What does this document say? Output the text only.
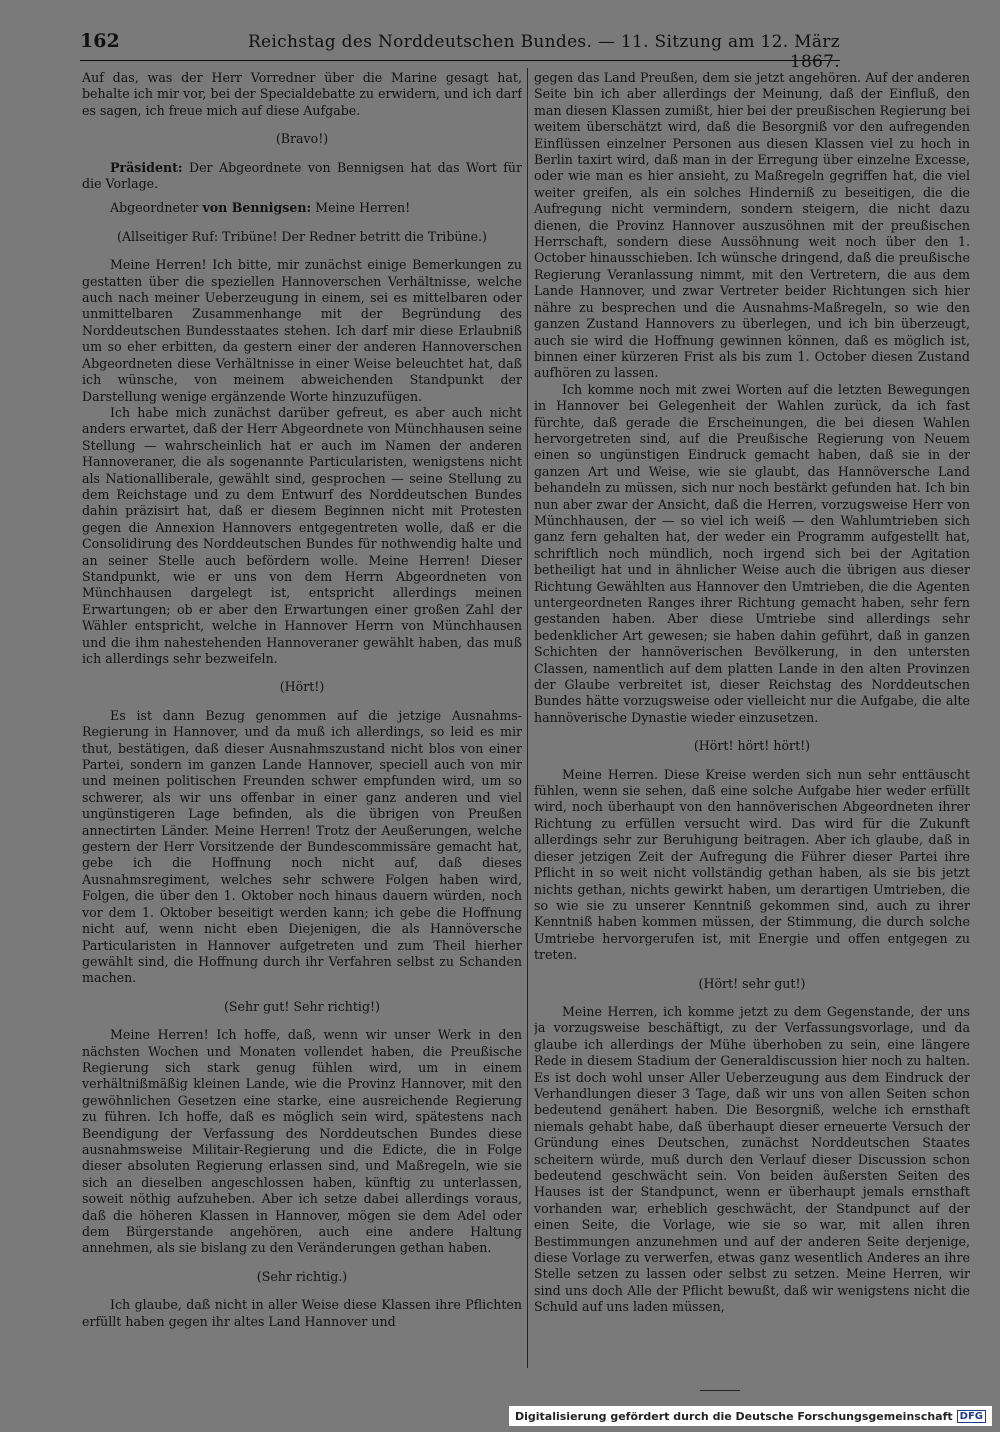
162	Reichstag des Norddeutschen Bundes. — 11. Sitzung am 12. März 1867.

Auf das, was der Herr Vorredner über die Marine gesagt hat, behalte ich mir vor, bei der Specialdebatte zu erwidern, und ich darf es sagen, ich freue mich auf diese Aufgabe.

(Bravo!)

Präsident: Der Abgeordnete von Bennigsen hat das Wort für die Vorlage.

Abgeordneter von Bennigsen: Meine Herren!

(Allseitiger Ruf: Tribüne! Der Redner betritt die Tribüne.)

Meine Herren! Ich bitte, mir zunächst einige Bemerkungen zu gestatten über die speziellen Hannoverschen Verhältnisse, welche auch nach meiner Ueberzeugung in einem, sei es mittelbaren oder unmittelbaren Zusammenhange mit der Begründung des Norddeutschen Bundesstaates stehen. Ich darf mir diese Erlaubniß um so eher erbitten, da gestern einer der anderen Hannoverschen Abgeordneten diese Verhältnisse in einer Weise beleuchtet hat, daß ich wünsche, von meinem abweichenden Standpunkt der Darstellung wenige ergänzende Worte hinzuzufügen.

Ich habe mich zunächst darüber gefreut, es aber auch nicht anders erwartet, daß der Herr Abgeordnete von Münchhausen seine Stellung — wahrscheinlich hat er auch im Namen der anderen Hannoveraner, die als sogenannte Particularisten, wenigstens nicht als Nationalliberale, gewählt sind, gesprochen — seine Stellung zu dem Reichstage und zu dem Entwurf des Norddeutschen Bundes dahin präzisirt hat, daß er diesem Beginnen nicht mit Protesten gegen die Annexion Hannovers entgegentreten wolle, daß er die Consolidirung des Norddeutschen Bundes für nothwendig halte und an seiner Stelle auch befördern wolle. Meine Herren! Dieser Standpunkt, wie er uns von dem Herrn Abgeordneten von Münchhausen dargelegt ist, entspricht allerdings meinen Erwartungen; ob er aber den Erwartungen einer großen Zahl der Wähler entspricht, welche in Hannover Herrn von Münchhausen und die ihm nahestehenden Hannoveraner gewählt haben, das muß ich allerdings sehr bezweifeln.

(Hört!)

Es ist dann Bezug genommen auf die jetzige Ausnahms-Regierung in Hannover, und da muß ich allerdings, so leid es mir thut, bestätigen, daß dieser Ausnahmszustand nicht blos von einer Partei, sondern im ganzen Lande Hannover, speciell auch von mir und meinen politischen Freunden schwer empfunden wird, um so schwerer, als wir uns offenbar in einer ganz anderen und viel ungünstigeren Lage befinden, als die übrigen von Preußen annectirten Länder. Meine Herren! Trotz der Aeußerungen, welche gestern der Herr Vorsitzende der Bundescommissäre gemacht hat, gebe ich die Hoffnung noch nicht auf, daß dieses Ausnahmsregiment, welches sehr schwere Folgen haben wird, Folgen, die über den 1. Oktober noch hinaus dauern würden, noch vor dem 1. Oktober beseitigt werden kann; ich gebe die Hoffnung nicht auf, wenn nicht eben Diejenigen, die als Hannöversche Particularisten in Hannover aufgetreten und zum Theil hierher gewählt sind, die Hoffnung durch ihr Verfahren selbst zu Schanden machen.

(Sehr gut! Sehr richtig!)

Meine Herren! Ich hoffe, daß, wenn wir unser Werk in den nächsten Wochen und Monaten vollendet haben, die Preußische Regierung sich stark genug fühlen wird, um in einem verhältnißmäßig kleinen Lande, wie die Provinz Hannover, mit den gewöhnlichen Gesetzen eine starke, eine ausreichende Regierung zu führen. Ich hoffe, daß es möglich sein wird, spätestens nach Beendigung der Verfassung des Norddeutschen Bundes diese ausnahmsweise Militair-Regierung und die Edicte, die in Folge dieser absoluten Regierung erlassen sind, und Maßregeln, wie sie sich an dieselben angeschlossen haben, künftig zu unterlassen, soweit nöthig aufzuheben. Aber ich setze dabei allerdings voraus, daß die höheren Klassen in Hannover, mögen sie dem Adel oder dem Bürgerstande angehören, auch eine andere Haltung annehmen, als sie bislang zu den Veränderungen gethan haben.

(Sehr richtig.)

Ich glaube, daß nicht in aller Weise diese Klassen ihre Pflichten erfüllt haben gegen ihr altes Land Hannover und

gegen das Land Preußen, dem sie jetzt angehören. Auf der anderen Seite bin ich aber allerdings der Meinung, daß der Einfluß, den man diesen Klassen zumißt, hier bei der preußischen Regierung bei weitem überschätzt wird, daß die Besorgniß vor den aufregenden Einflüssen einzelner Personen aus diesen Klassen viel zu hoch in Berlin taxirt wird, daß man in der Erregung über einzelne Excesse, oder wie man es hier ansieht, zu Maßregeln gegriffen hat, die viel weiter greifen, als ein solches Hinderniß zu beseitigen, die die Aufregung nicht vermindern, sondern steigern, die nicht dazu dienen, die Provinz Hannover auszusöhnen mit der preußischen Herrschaft, sondern diese Aussöhnung weit noch über den 1. October hinausschieben. Ich wünsche dringend, daß die preußische Regierung Veranlassung nimmt, mit den Vertretern, die aus dem Lande Hannover, und zwar Vertreter beider Richtungen sich hier nähre zu besprechen und die Ausnahms-Maßregeln, so wie den ganzen Zustand Hannovers zu überlegen, und ich bin überzeugt, auch sie wird die Hoffnung gewinnen können, daß es möglich ist, binnen einer kürzeren Frist als bis zum 1. October diesen Zustand aufhören zu lassen.

Ich komme noch mit zwei Worten auf die letzten Bewegungen in Hannover bei Gelegenheit der Wahlen zurück, da ich fast fürchte, daß gerade die Erscheinungen, die bei diesen Wahlen hervorgetreten sind, auf die Preußische Regierung von Neuem einen so ungünstigen Eindruck gemacht haben, daß sie in der ganzen Art und Weise, wie sie glaubt, das Hannöversche Land behandeln zu müssen, sich nur noch bestärkt gefunden hat. Ich bin nun aber zwar der Ansicht, daß die Herren, vorzugsweise Herr von Münchhausen, der — so viel ich weiß — den Wahlumtrieben sich ganz fern gehalten hat, der weder ein Programm aufgestellt hat, schriftlich noch mündlich, noch irgend sich bei der Agitation betheiligt hat und in ähnlicher Weise auch die übrigen aus dieser Richtung Gewählten aus Hannover den Umtrieben, die die Agenten untergeordneten Ranges ihrer Richtung gemacht haben, sehr fern gestanden haben. Aber diese Umtriebe sind allerdings sehr bedenklicher Art gewesen; sie haben dahin geführt, daß in ganzen Schichten der hannöverischen Bevölkerung, in den untersten Classen, namentlich auf dem platten Lande in den alten Provinzen der Glaube verbreitet ist, dieser Reichstag des Norddeutschen Bundes hätte vorzugsweise oder vielleicht nur die Aufgabe, die alte hannöverische Dynastie wieder einzusetzen.

(Hört! hört! hört!)

Meine Herren. Diese Kreise werden sich nun sehr enttäuscht fühlen, wenn sie sehen, daß eine solche Aufgabe hier weder erfüllt wird, noch überhaupt von den hannöverischen Abgeordneten ihrer Richtung zu erfüllen versucht wird. Das wird für die Zukunft allerdings sehr zur Beruhigung beitragen. Aber ich glaube, daß in dieser jetzigen Zeit der Aufregung die Führer dieser Partei ihre Pflicht in so weit nicht vollständig gethan haben, als sie bis jetzt nichts gethan, nichts gewirkt haben, um derartigen Umtrieben, die so wie sie zu unserer Kenntniß gekommen sind, auch zu ihrer Kenntniß haben kommen müssen, der Stimmung, die durch solche Umtriebe hervorgerufen ist, mit Energie und offen entgegen zu treten.

(Hört! sehr gut!)

Meine Herren, ich komme jetzt zu dem Gegenstande, der uns ja vorzugsweise beschäftigt, zu der Verfassungsvorlage, und da glaube ich allerdings der Mühe überhoben zu sein, eine längere Rede in diesem Stadium der Generaldiscussion hier noch zu halten. Es ist doch wohl unser Aller Ueberzeugung aus dem Eindruck der Verhandlungen dieser 3 Tage, daß wir uns von allen Seiten schon bedeutend genähert haben. Die Besorgniß, welche ich ernsthaft niemals gehabt habe, daß überhaupt dieser erneuerte Versuch der Gründung eines Deutschen, zunächst Norddeutschen Staates scheitern würde, muß durch den Verlauf dieser Discussion schon bedeutend geschwächt sein. Von beiden äußersten Seiten des Hauses ist der Standpunct, wenn er überhaupt jemals ernsthaft vorhanden war, erheblich geschwächt, der Standpunct auf der einen Seite, die Vorlage, wie sie so war, mit allen ihren Bestimmungen anzunehmen und auf der anderen Seite derjenige, diese Vorlage zu verwerfen, etwas ganz wesentlich Anderes an ihre Stelle setzen zu lassen oder selbst zu setzen. Meine Herren, wir sind uns doch Alle der Pflicht bewußt, daß wir wenigstens nicht die Schuld auf uns laden müssen,

Digitalisierung gefördert durch die Deutsche Forschungsgemeinschaft DFG
